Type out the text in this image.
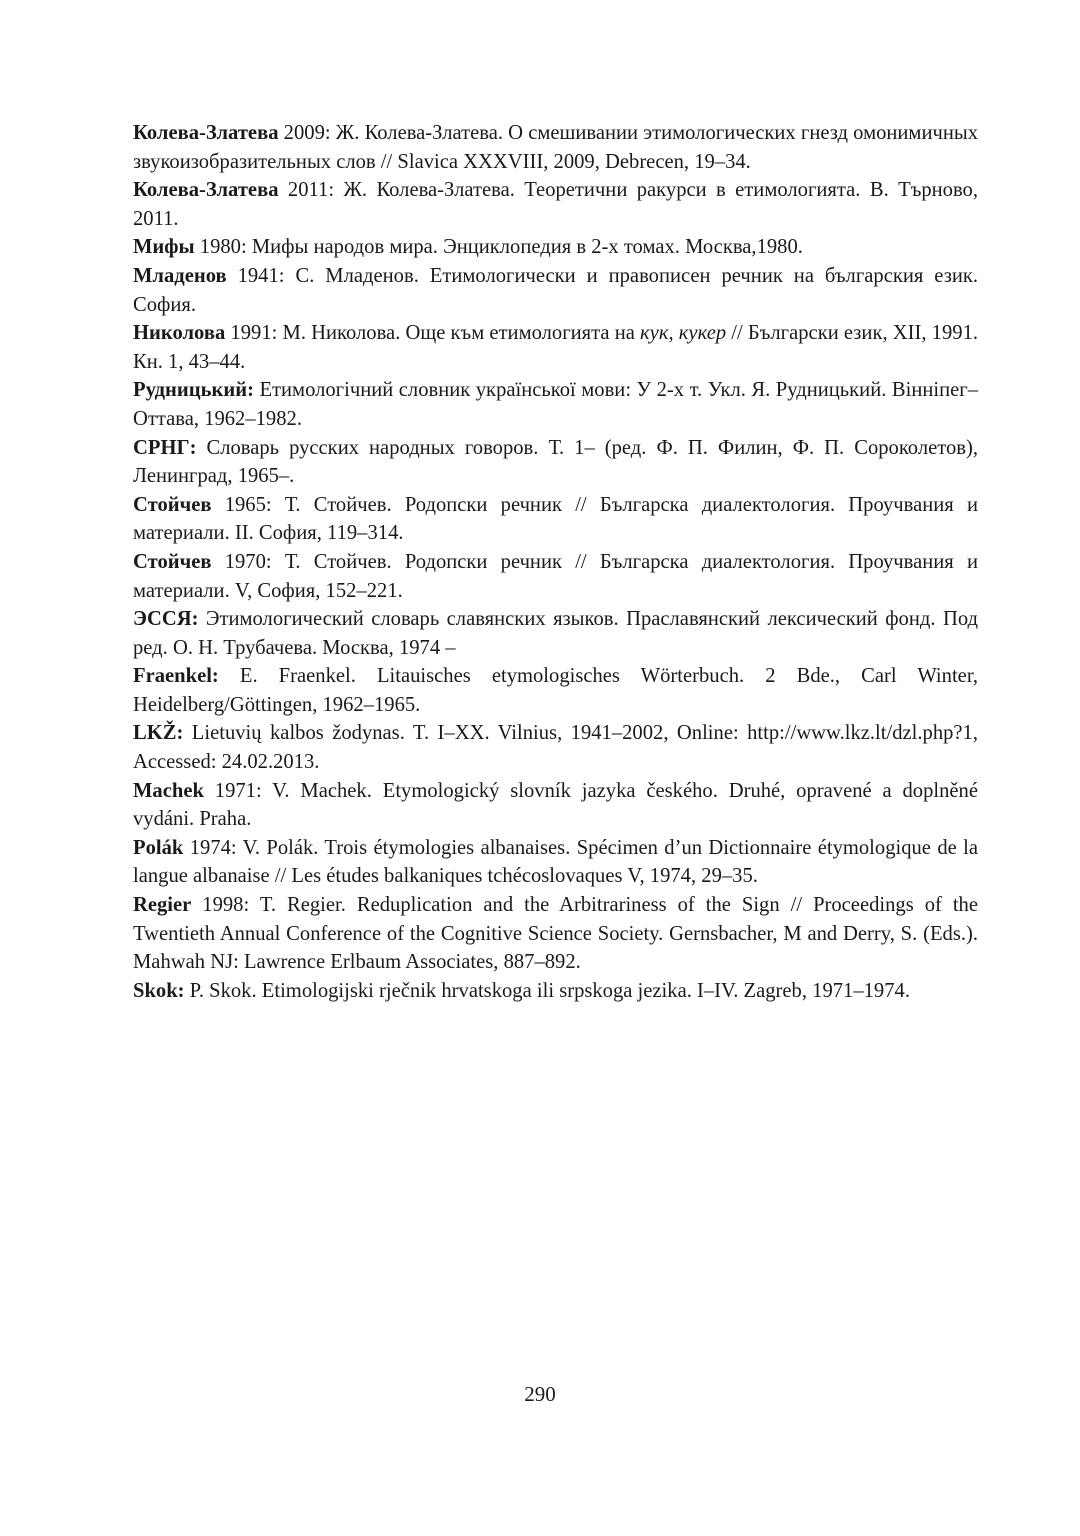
Колева-Златева 2009: Ж. Колева-Златева. О смешивании этимологических гнезд омонимичных звукоизобразительных слов // Slavica XXXVIII, 2009, Debrecen, 19–34.

Колева-Златева 2011: Ж. Колева-Златева. Теоретични ракурси в етимологията. В. Търново, 2011.

Мифы 1980: Мифы народов мира. Энциклопедия в 2-х томах. Москва,1980.

Младенов 1941: С. Младенов. Етимологически и правописен речник на българския език. София.

Николова 1991: М. Николова. Още към етимологията на кук, кукер // Български език, XII, 1991. Кн. 1, 43–44.

Рудницький: Етимологічний словник української мови: У 2-х т. Укл. Я. Рудницький. Вінніпег–Оттава, 1962–1982.

СРНГ: Словарь русских народных говоров. Т. 1– (ред. Ф. П. Филин, Ф. П. Сороколетов), Ленинград, 1965–.

Стойчев 1965: Т. Стойчев. Родопски речник // Българска диалектология. Проучвания и материали. II. София, 119–314.

Стойчев 1970: Т. Стойчев. Родопски речник // Българска диалектология. Проучвания и материали. V, София, 152–221.

ЭССЯ: Этимологический словарь славянских языков. Праславянский лексический фонд. Под ред. О. Н. Трубачева. Москва, 1974 –

Fraenkel: E. Fraenkel. Litauisches etymologisches Wörterbuch. 2 Bde., Carl Winter, Heidelberg/Göttingen, 1962–1965.

LKŽ: Lietuvių kalbos žodynas. T. I–XX. Vilnius, 1941–2002, Online: http://www.lkz.lt/dzl.php?1, Accessed: 24.02.2013.

Machek 1971: V. Machek. Etymologický slovník jazyka českého. Druhé, opravené a doplněné vydáni. Praha.

Polák 1974: V. Polák. Trois étymologies albanaises. Spécimen d’un Dictionnaire étymologique de la langue albanaise // Les études balkaniques tchécoslovaques V, 1974, 29–35.

Regier 1998: T. Regier. Reduplication and the Arbitrariness of the Sign // Proceedings of the Twentieth Annual Conference of the Cognitive Science Society. Gernsbacher, M and Derry, S. (Eds.). Mahwah NJ: Lawrence Erlbaum Associates, 887–892.

Skok: P. Skok. Etimologijski rječnik hrvatskoga ili srpskoga jezika. I–IV. Zagreb, 1971–1974.

290
